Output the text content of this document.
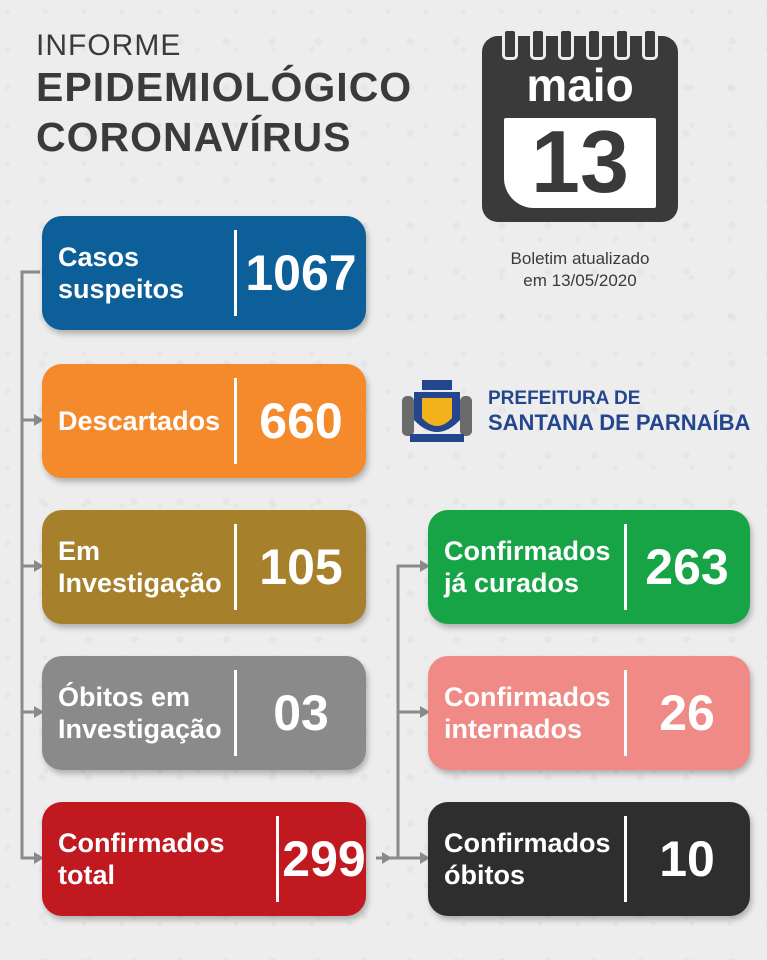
INFORME
EPIDEMIOLÓGICO
CORONAVÍRUS
maio
13
Boletim atualizado
em 13/05/2020
PREFEITURA DE
SANTANA DE PARNAÍBA
Casos
suspeitos 1067
Descartados 660
Em
Investigação 105
Óbitos em
Investigação	03
Confirmados
total	299
Confirmados
já curados	263
Confirmados
internados	26
Confirmados
óbitos	10
